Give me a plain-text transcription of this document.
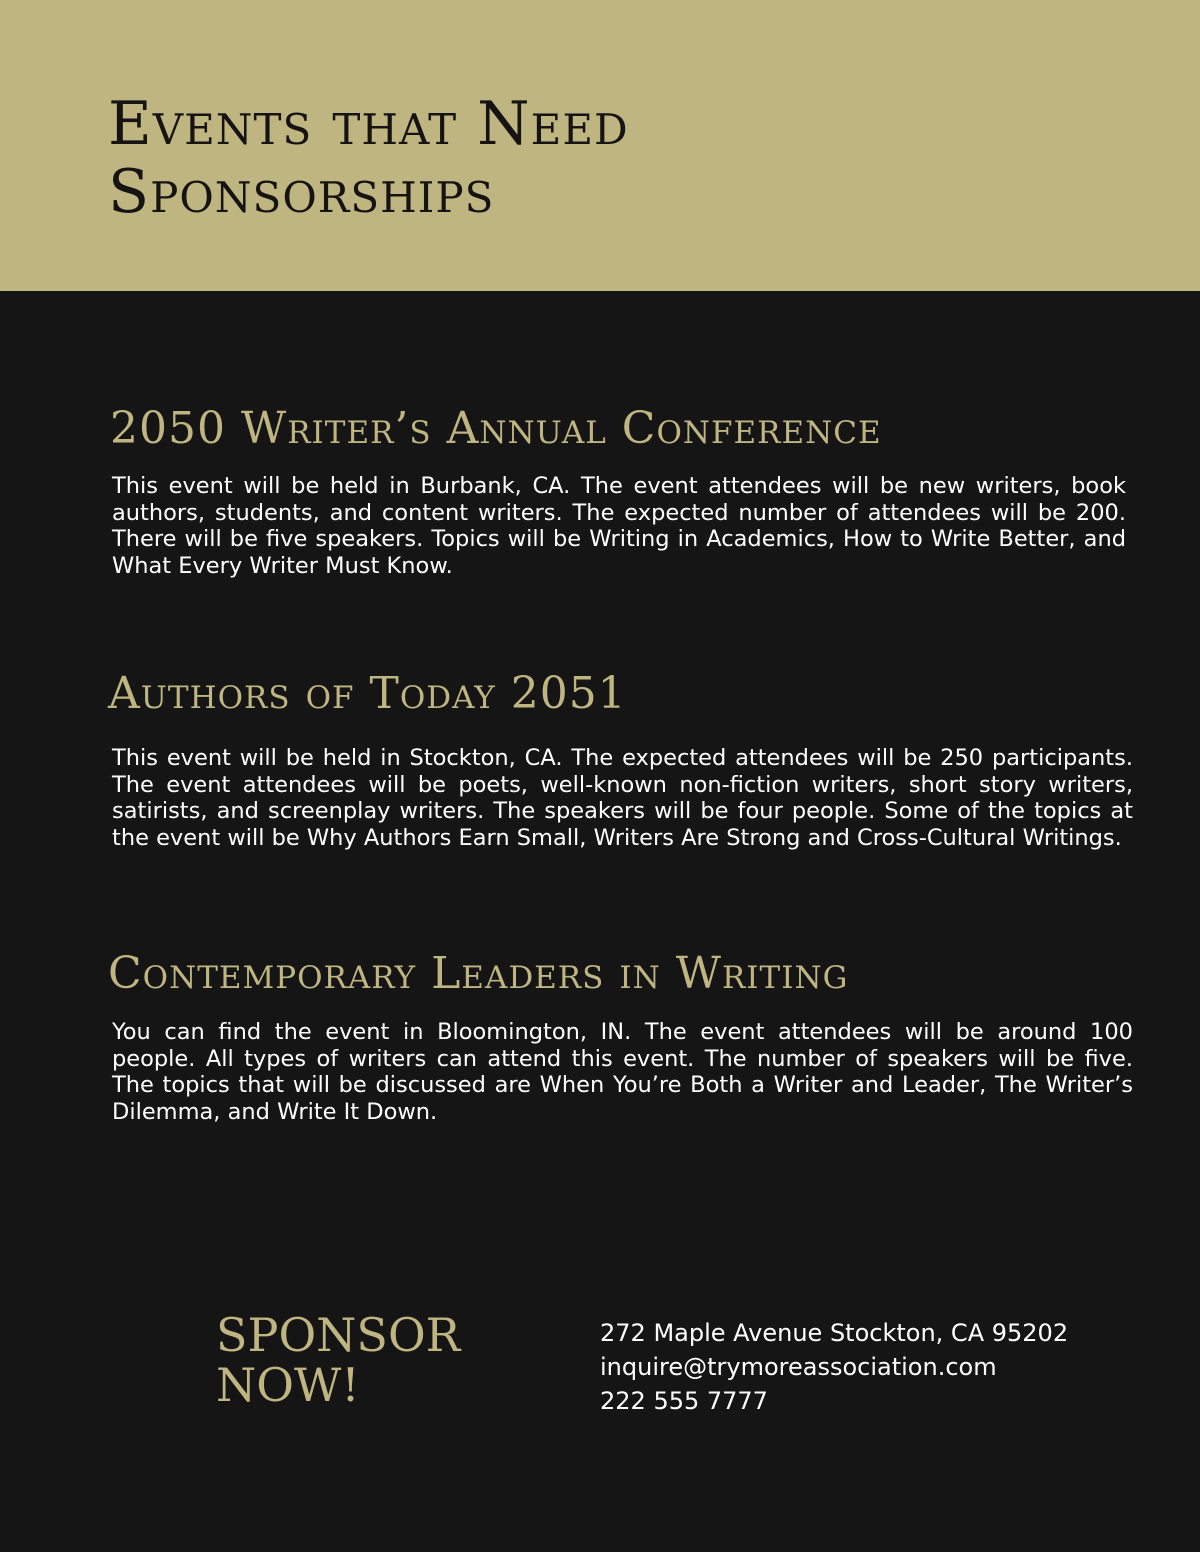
Events that Need
Sponsorships
2050 Writer’s Annual Conference

This event will be held in Burbank, CA. The event attendees will be new writers, book authors, students, and content writers. The expected number of attendees will be 200. There will be five speakers. Topics will be Writing in Academics, How to Write Better, and What Every Writer Must Know.

Authors of Today 2051

This event will be held in Stockton, CA. The expected attendees will be 250 participants. The event attendees will be poets, well-known non-fiction writers, short story writers, satirists, and screenplay writers. The speakers will be four people. Some of the topics at the event will be Why Authors Earn Small, Writers Are Strong and Cross-Cultural Writings.

Contemporary Leaders in Writing

You can find the event in Bloomington, IN. The event attendees will be around 100 people. All types of writers can attend this event. The number of speakers will be five. The topics that will be discussed are When You’re Both a Writer and Leader, The Writer’s Dilemma, and Write It Down.

SPONSOR
NOW!
272 Maple Avenue Stockton, CA 95202
inquire@trymoreassociation.com
222 555 7777
